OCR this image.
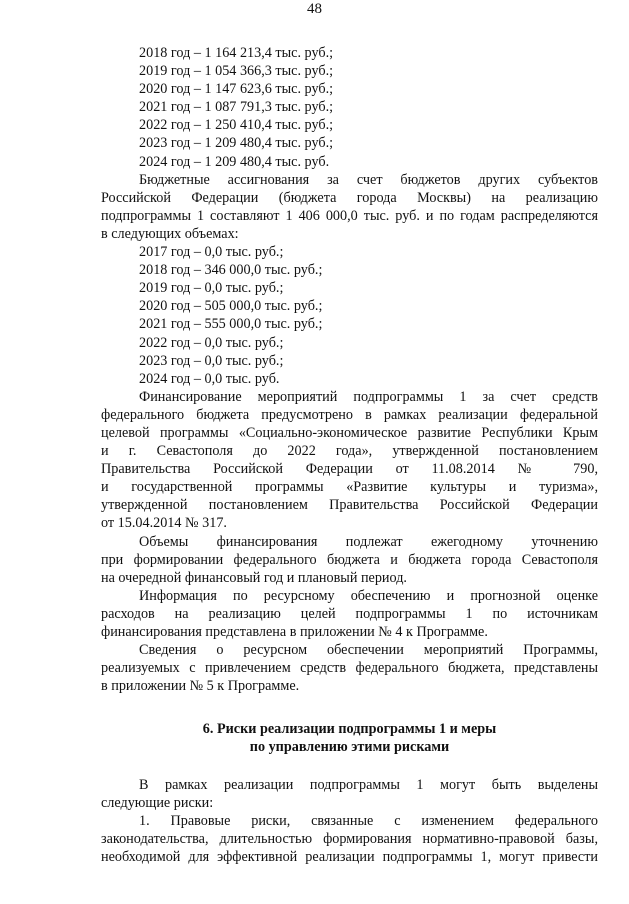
48
2018 год – 1 164 213,4 тыс. руб.;
2019 год – 1 054 366,3 тыс. руб.;
2020 год – 1 147 623,6 тыс. руб.;
2021 год – 1 087 791,3 тыс. руб.;
2022 год – 1 250 410,4 тыс. руб.;
2023 год – 1 209 480,4 тыс. руб.;
2024 год – 1 209 480,4 тыс. руб.
Бюджетные ассигнования за счет бюджетов других субъектов
Российской Федерации (бюджета города Москвы) на реализацию
подпрограммы 1 составляют 1 406 000,0 тыс. руб. и по годам распределяются
в следующих объемах:
2017 год – 0,0 тыс. руб.;
2018 год – 346 000,0 тыс. руб.;
2019 год – 0,0 тыс. руб.;
2020 год – 505 000,0 тыс. руб.;
2021 год – 555 000,0 тыс. руб.;
2022 год – 0,0 тыс. руб.;
2023 год – 0,0 тыс. руб.;
2024 год – 0,0 тыс. руб.
Финансирование мероприятий подпрограммы 1 за счет средств
федерального бюджета предусмотрено в рамках реализации федеральной
целевой программы «Социально-экономическое развитие Республики Крым
и г. Севастополя до 2022 года», утвержденной постановлением
Правительства Российской Федерации от 11.08.2014 № 790,
и государственной программы «Развитие культуры и туризма»,
утвержденной постановлением Правительства Российской Федерации
от 15.04.2014 № 317.
Объемы финансирования подлежат ежегодному уточнению
при формировании федерального бюджета и бюджета города Севастополя
на очередной финансовый год и плановый период.
Информация по ресурсному обеспечению и прогнозной оценке
расходов на реализацию целей подпрограммы 1 по источникам
финансирования представлена в приложении № 4 к Программе.
Сведения о ресурсном обеспечении мероприятий Программы,
реализуемых с привлечением средств федерального бюджета, представлены
в приложении № 5 к Программе.
6. Риски реализации подпрограммы 1 и меры
по управлению этими рисками
В рамках реализации подпрограммы 1 могут быть выделены
следующие риски:
1. Правовые риски, связанные с изменением федерального
законодательства, длительностью формирования нормативно-правовой базы,
необходимой для эффективной реализации подпрограммы 1, могут привести
